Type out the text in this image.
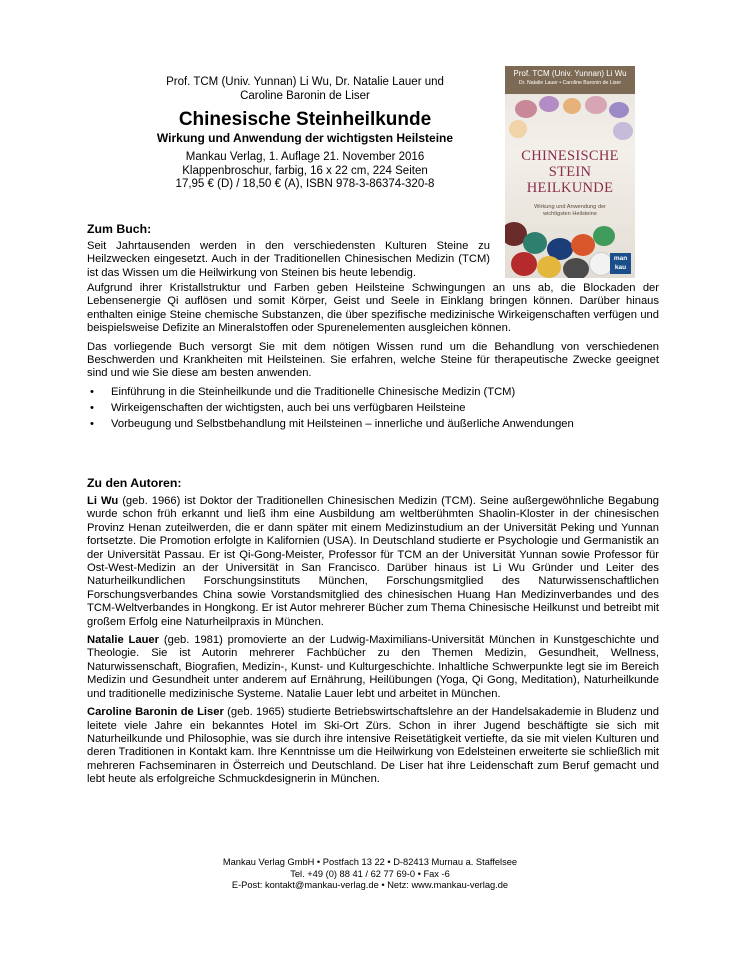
Prof. TCM (Univ. Yunnan) Li Wu, Dr. Natalie Lauer und
Caroline Baronin de Liser
Chinesische Steinheilkunde
Wirkung und Anwendung der wichtigsten Heilsteine
Mankau Verlag, 1. Auflage 21. November 2016
Klappenbroschur, farbig, 16 x 22 cm, 224 Seiten
17,95 € (D) / 18,50 € (A), ISBN 978-3-86374-320-8
Prof. TCM (Univ. Yunnan) Li Wu
Dr. Natalie Lauer • Caroline Baronin de Liser
CHINESISCHE
STEIN
HEILKUNDE
Wirkung und Anwendung der
wichtigsten Heilsteine
man
kau
Zum Buch:

Seit Jahrtausenden werden in den verschiedensten Kulturen Steine zu Heilzwecken eingesetzt. Auch in der Traditionellen Chinesischen Medizin (TCM) ist das Wissen um die Heilwirkung von Steinen bis heute lebendig.

Aufgrund ihrer Kristallstruktur und Farben geben Heilsteine Schwingungen an uns ab, die Blockaden der Lebensenergie Qi auflösen und somit Körper, Geist und Seele in Einklang bringen können. Darüber hinaus enthalten einige Steine chemische Substanzen, die über spezifische medizinische Wirkeigenschaften verfügen und beispielsweise Defizite an Mineralstoffen oder Spurenelementen ausgleichen können.

Das vorliegende Buch versorgt Sie mit dem nötigen Wissen rund um die Behandlung von verschiedenen Beschwerden und Krankheiten mit Heilsteinen. Sie erfahren, welche Steine für therapeutische Zwecke geeignet sind und wie Sie diese am besten anwenden.

• Einführung in die Steinheilkunde und die Traditionelle Chinesische Medizin (TCM)
• Wirkeigenschaften der wichtigsten, auch bei uns verfügbaren Heilsteine
• Vorbeugung und Selbstbehandlung mit Heilsteinen – innerliche und äußerliche Anwendungen
Zu den Autoren:

Li Wu (geb. 1966) ist Doktor der Traditionellen Chinesischen Medizin (TCM). Seine außergewöhnliche Begabung wurde schon früh erkannt und ließ ihm eine Ausbildung am weltberühmten Shaolin-Kloster in der chinesischen Provinz Henan zuteilwerden, die er dann später mit einem Medizinstudium an der Universität Peking und Yunnan fortsetzte. Die Promotion erfolgte in Kalifornien (USA). In Deutschland studierte er Psychologie und Germanistik an der Universität Passau. Er ist Qi-Gong-Meister, Professor für TCM an der Universität Yunnan sowie Professor für Ost-West-Medizin an der Universität in San Francisco. Darüber hinaus ist Li Wu Gründer und Leiter des Naturheilkundlichen Forschungsinstituts München, Forschungsmitglied des Naturwissenschaftlichen Forschungsverbandes China sowie Vorstandsmitglied des chinesischen Huang Han Medizinverbandes und des TCM-Weltverbandes in Hongkong. Er ist Autor mehrerer Bücher zum Thema Chinesische Heilkunst und betreibt mit großem Erfolg eine Naturheilpraxis in München.

Natalie Lauer (geb. 1981) promovierte an der Ludwig-Maximilians-Universität München in Kunstgeschichte und Theologie. Sie ist Autorin mehrerer Fachbücher zu den Themen Medizin, Gesundheit, Wellness, Naturwissenschaft, Biografien, Medizin-, Kunst- und Kulturgeschichte. Inhaltliche Schwerpunkte legt sie im Bereich Medizin und Gesundheit unter anderem auf Ernährung, Heilübungen (Yoga, Qi Gong, Meditation), Naturheilkunde und traditionelle medizinische Systeme. Natalie Lauer lebt und arbeitet in München.

Caroline Baronin de Liser (geb. 1965) studierte Betriebswirtschaftslehre an der Handelsakademie in Bludenz und leitete viele Jahre ein bekanntes Hotel im Ski-Ort Zürs. Schon in ihrer Jugend beschäftigte sie sich mit Naturheilkunde und Philosophie, was sie durch ihre intensive Reisetätigkeit vertiefte, da sie mit vielen Kulturen und deren Traditionen in Kontakt kam. Ihre Kenntnisse um die Heilwirkung von Edelsteinen erweiterte sie schließlich mit mehreren Fachseminaren in Österreich und Deutschland. De Liser hat ihre Leidenschaft zum Beruf gemacht und lebt heute als erfolgreiche Schmuckdesignerin in München.

Mankau Verlag GmbH • Postfach 13 22 • D-82413 Murnau a. Staffelsee
Tel. +49 (0) 88 41 / 62 77 69-0 • Fax -6
E-Post: kontakt@mankau-verlag.de • Netz: www.mankau-verlag.de
